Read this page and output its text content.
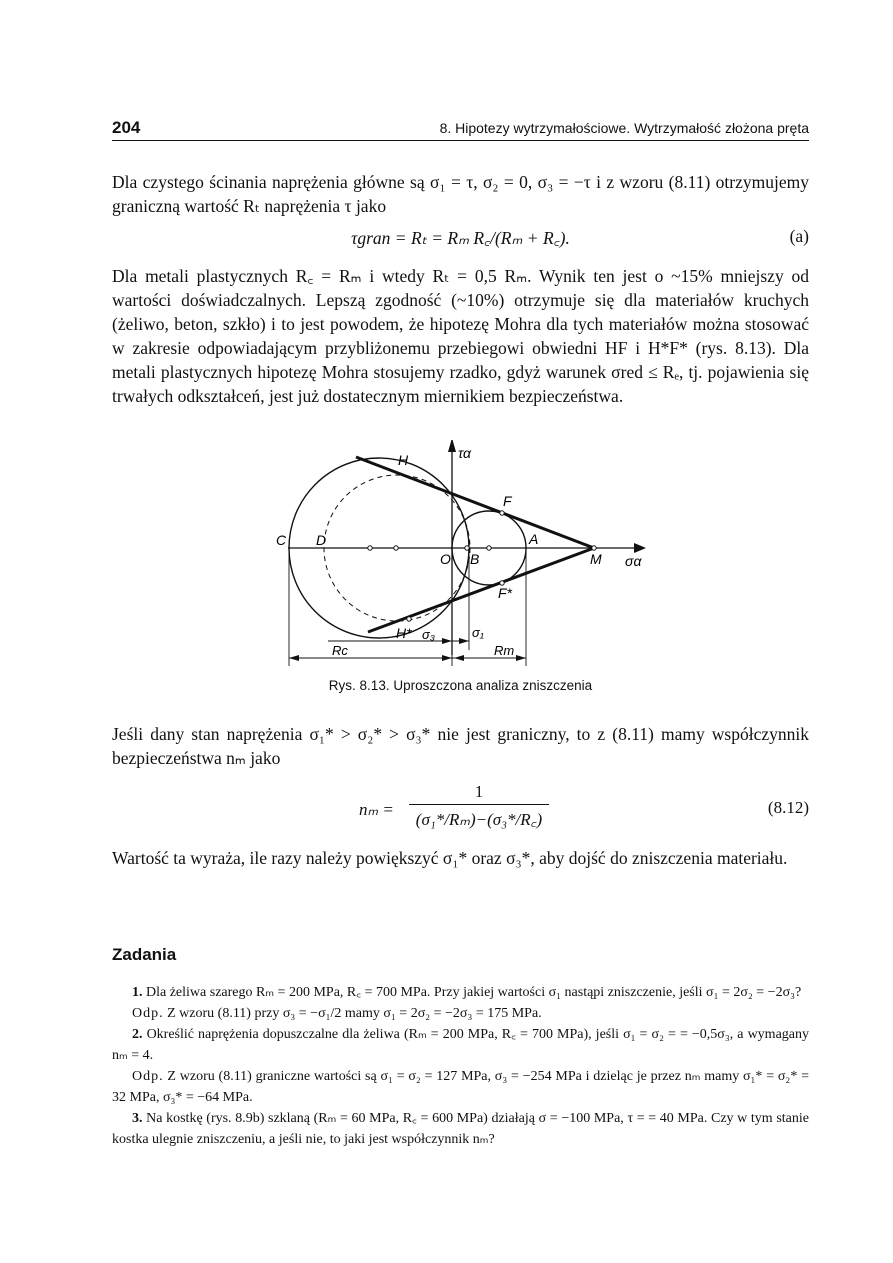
204	8. Hipotezy wytrzymałościowe. Wytrzymałość złożona pręta

Dla czystego ścinania naprężenia główne są σ₁ = τ, σ₂ = 0, σ₃ = −τ i z wzoru (8.11) otrzymujemy graniczną wartość Rₜ naprężenia τ jako

τgran = Rₜ = Rₘ R꜀/(Rₘ + R꜀).	(a)

Dla metali plastycznych R꜀ = Rₘ i wtedy Rₜ = 0,5 Rₘ. Wynik ten jest o ~15% mniejszy od wartości doświadczalnych. Lepszą zgodność (~10%) otrzymuje się dla materiałów kruchych (żeliwo, beton, szkło) i to jest powodem, że hipotezę Mohra dla tych materiałów można stosować w zakresie odpowiadającym przybliżonemu przebiegowi obwiedni HF i H*F* (rys. 8.13). Dla metali plastycznych hipotezę Mohra stosujemy rzadko, gdyż warunek σred ≤ Rₑ, tj. pojawienia się trwałych odkształceń, jest już dostatecznym miernikiem bezpieczeństwa.

H	τα
F
C D
O B
A
M σα
F*
H* σ₃	σ₁
Rc	Rm
Rys. 8.13. Uproszczona analiza zniszczenia

Jeśli dany stan naprężenia σ₁* > σ₂* > σ₃* nie jest graniczny, to z (8.11) mamy współczynnik bezpieczeństwa nₘ jako

$n_m = \frac{1}{\text{(σ₁*/Rₘ)−(σ₃*/R꜀)}}$	(8.12)

Wartość ta wyraża, ile razy należy powiększyć σ₁* oraz σ₃*, aby dojść do zniszczenia materiału.

Zadania

1. Dla żeliwa szarego Rₘ = 200 MPa, R꜀ = 700 MPa. Przy jakiej wartości σ₁ nastąpi zniszczenie, jeśli σ₁ = 2σ₂ = −2σ₃?

Odp. Z wzoru (8.11) przy σ₃ = −σ₁/2 mamy σ₁ = 2σ₂ = −2σ₃ = 175 MPa.

2. Określić naprężenia dopuszczalne dla żeliwa (Rₘ = 200 MPa, R꜀ = 700 MPa), jeśli σ₁ = σ₂ = = −0,5σ₃, a wymagany nₘ = 4.

Odp. Z wzoru (8.11) graniczne wartości są σ₁ = σ₂ = 127 MPa, σ₃ = −254 MPa i dzieląc je przez nₘ mamy σ₁* = σ₂* = 32 MPa, σ₃* = −64 MPa.

3. Na kostkę (rys. 8.9b) szklaną (Rₘ = 60 MPa, R꜀ = 600 MPa) działają σ = −100 MPa, τ = = 40 MPa. Czy w tym stanie kostka ulegnie zniszczeniu, a jeśli nie, to jaki jest współczynnik nₘ?
